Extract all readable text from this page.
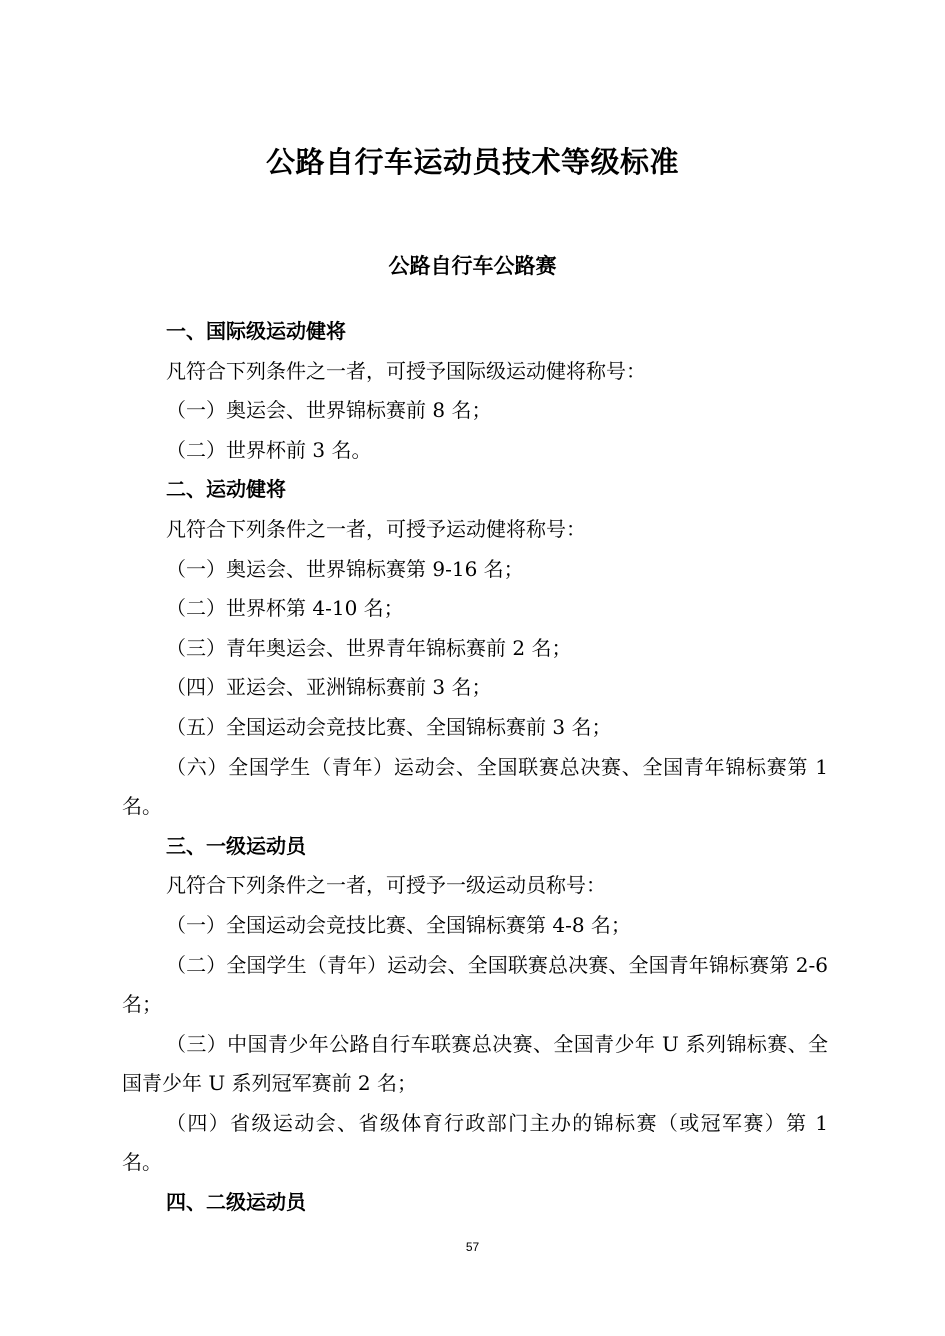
公路自行车运动员技术等级标准
公路自行车公路赛

一、国际级运动健将

凡符合下列条件之一者，可授予国际级运动健将称号：

（一）奥运会、世界锦标赛前 8 名；

（二）世界杯前 3 名。

二、运动健将

凡符合下列条件之一者，可授予运动健将称号：

（一）奥运会、世界锦标赛第 9-16 名；

（二）世界杯第 4-10 名；

（三）青年奥运会、世界青年锦标赛前 2 名；

（四）亚运会、亚洲锦标赛前 3 名；

（五）全国运动会竞技比赛、全国锦标赛前 3 名；

（六）全国学生（青年）运动会、全国联赛总决赛、全国青年锦标赛第 1 名。

三、一级运动员

凡符合下列条件之一者，可授予一级运动员称号：

（一）全国运动会竞技比赛、全国锦标赛第 4-8 名；

（二）全国学生（青年）运动会、全国联赛总决赛、全国青年锦标赛第 2-6 名；

（三）中国青少年公路自行车联赛总决赛、全国青少年 U 系列锦标赛、全国青少年 U 系列冠军赛前 2 名；

（四）省级运动会、省级体育行政部门主办的锦标赛（或冠军赛）第 1 名。

四、二级运动员

57
